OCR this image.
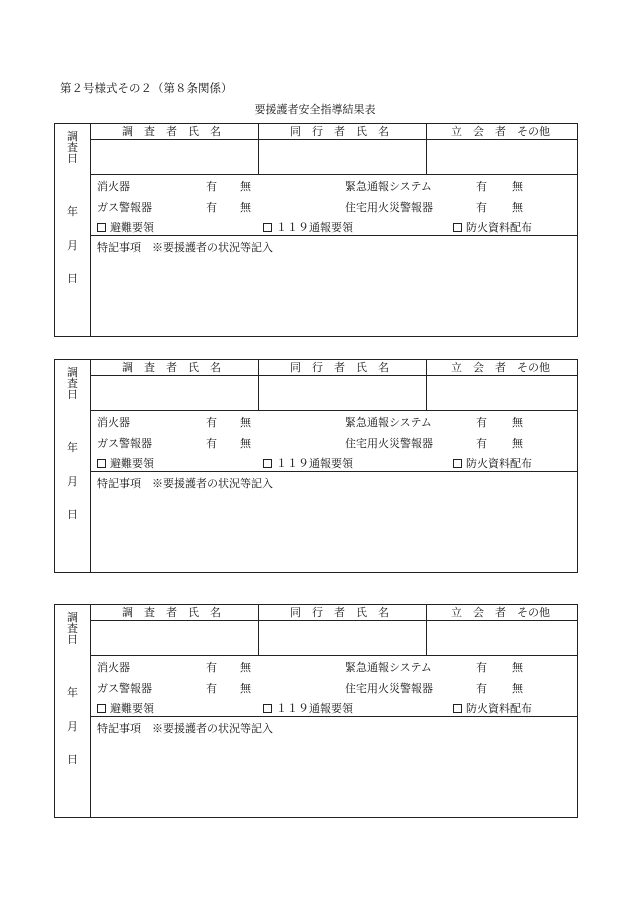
第２号様式その２（第８条関係）
要援護者安全指導結果表
調
査
日
年
月
日
調　査　者　氏　名	同　行　者　氏　名	立　会　者　その他
消火器	有 無	緊急通報システム	有 無
ガス警報器	有 無	住宅用火災警報器	有 無
避難要領	１１９通報要領	防火資料配布
特記事項　※要援護者の状況等記入
調
査
日
年
月
日
調　査　者　氏　名	同　行　者　氏　名	立　会　者　その他
消火器	有 無	緊急通報システム	有 無
ガス警報器	有 無	住宅用火災警報器	有 無
避難要領	１１９通報要領	防火資料配布
特記事項　※要援護者の状況等記入
調
査
日
年
月
日
調　査　者　氏　名	同　行　者　氏　名	立　会　者　その他
消火器	有 無	緊急通報システム	有 無
ガス警報器	有 無	住宅用火災警報器	有 無
避難要領	１１９通報要領	防火資料配布
特記事項　※要援護者の状況等記入
